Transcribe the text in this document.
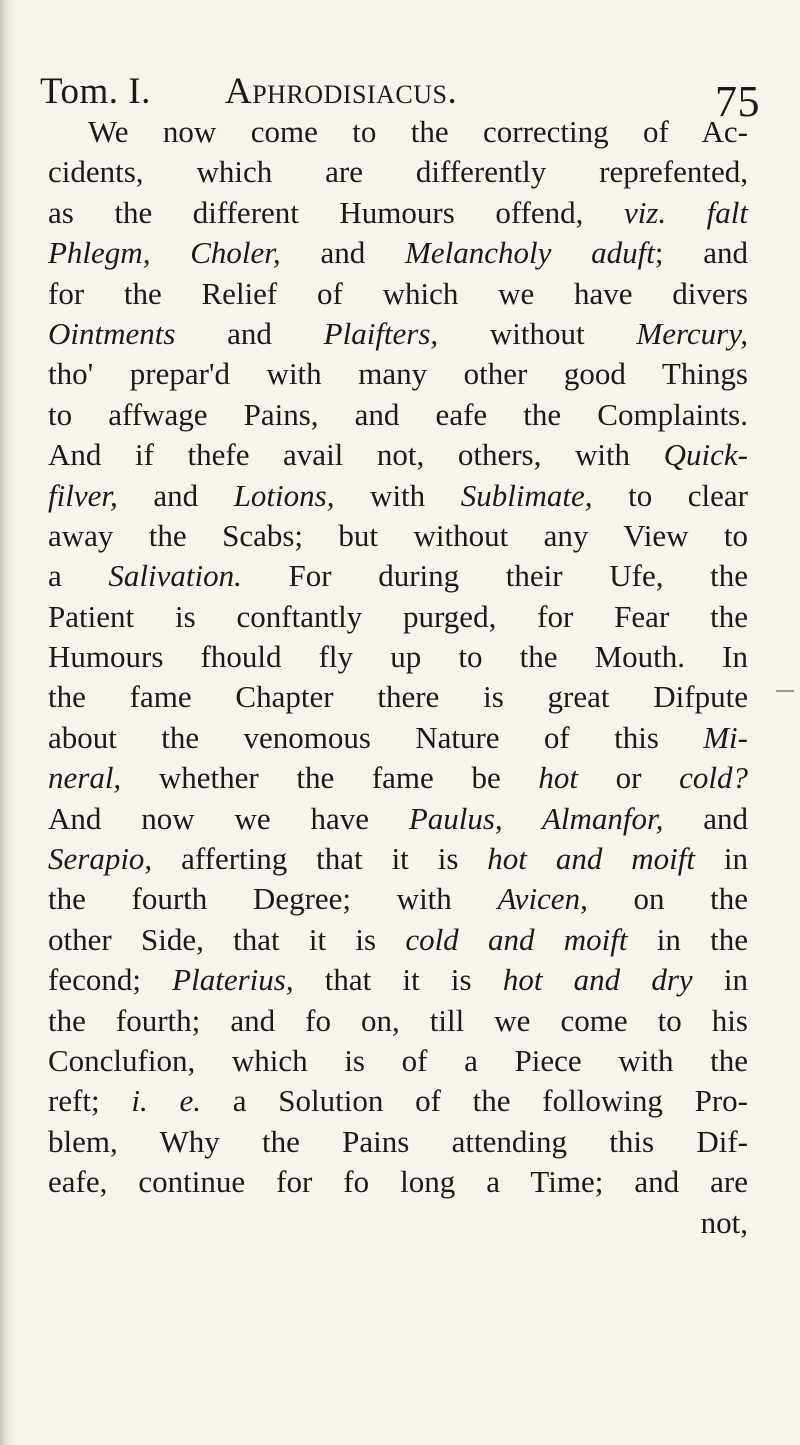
Tom. I. Aphrodisiacus.	75
We now come to the correcting of Ac-
cidents, which are differently reprefented,
as the different Humours offend, viz. falt
Phlegm, Choler, and Melancholy aduft; and
for the Relief of which we have divers
Ointments and Plaifters, without Mercury,
tho' prepar'd with many other good Things
to affwage Pains, and eafe the Complaints.
And if thefe avail not, others, with Quick-
filver, and Lotions, with Sublimate, to clear
away the Scabs; but without any View to
a Salivation. For during their Ufe, the
Patient is conftantly purged, for Fear the
Humours fhould fly up to the Mouth. In
the fame Chapter there is great Difpute
about the venomous Nature of this Mi-
neral, whether the fame be hot or cold?
And now we have Paulus, Almanfor, and
Serapio, afferting that it is hot and moift in
the fourth Degree; with Avicen, on the
other Side, that it is cold and moift in the
fecond; Platerius, that it is hot and dry in
the fourth; and fo on, till we come to his
Conclufion, which is of a Piece with the
reft; i. e. a Solution of the following Pro-
blem, Why the Pains attending this Dif-
eafe, continue for fo long a Time; and are
not,
